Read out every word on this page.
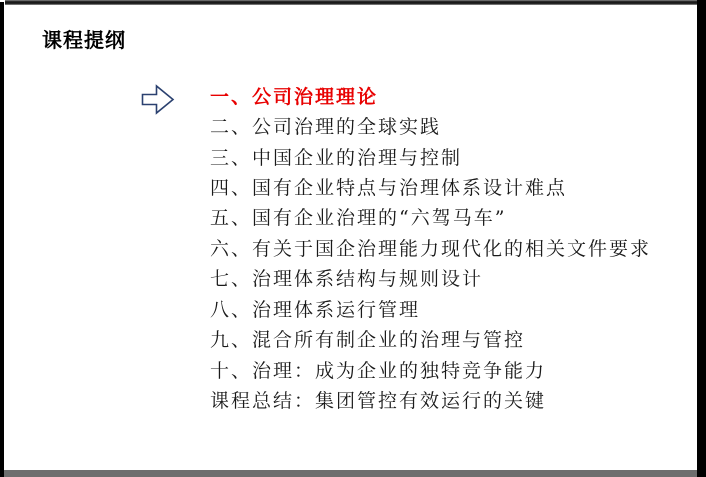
课程提纲
一、公司治理理论
二、公司治理的全球实践
三、中国企业的治理与控制
四、国有企业特点与治理体系设计难点
五、国有企业治理的“六驾马车”
六、有关于国企治理能力现代化的相关文件要求
七、治理体系结构与规则设计
八、治理体系运行管理
九、混合所有制企业的治理与管控
十、治理：成为企业的独特竞争能力
课程总结：集团管控有效运行的关键
